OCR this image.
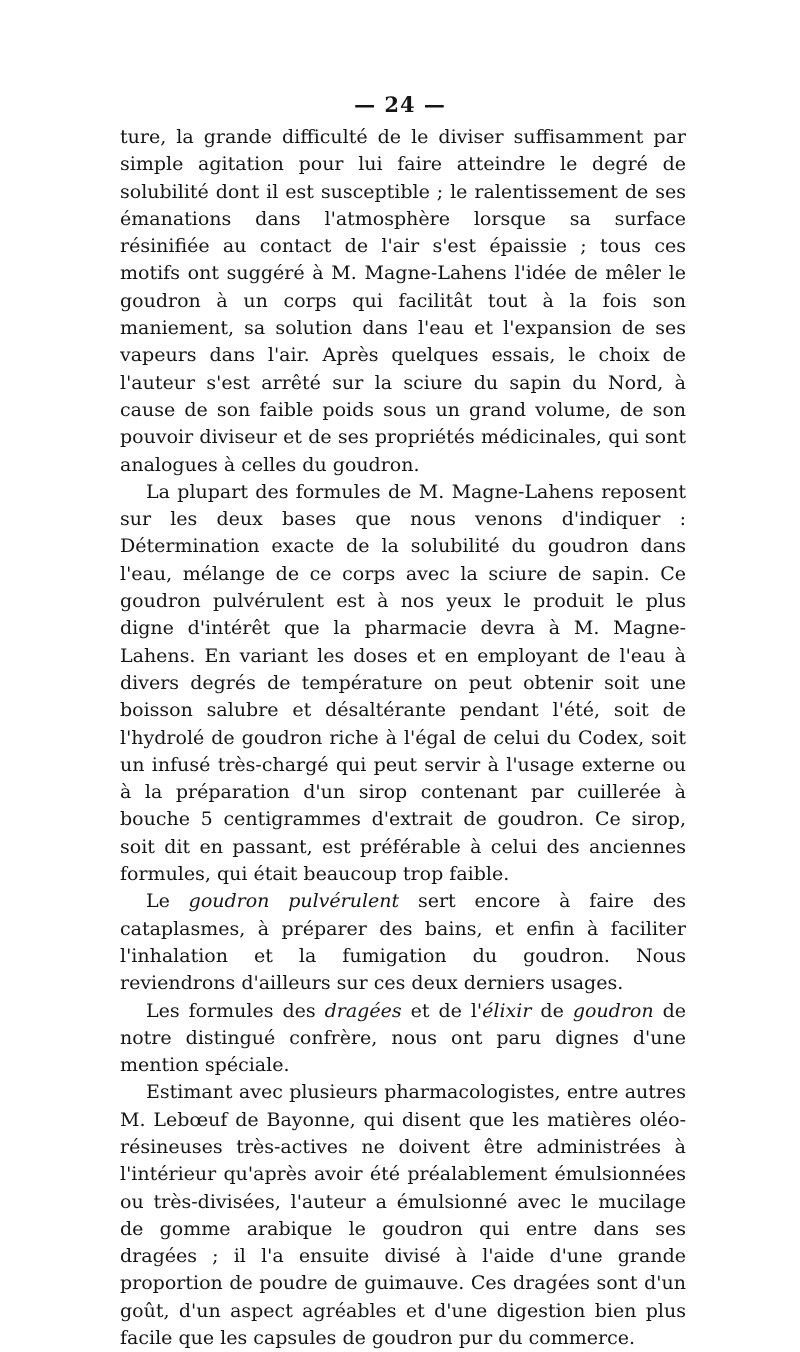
— 24 —

ture, la grande difficulté de le diviser suffisamment par simple agitation pour lui faire atteindre le degré de solubilité dont il est susceptible ; le ralentissement de ses émanations dans l'atmosphère lorsque sa surface résinifiée au contact de l'air s'est épaissie ; tous ces motifs ont suggéré à M. Magne-Lahens l'idée de mêler le goudron à un corps qui facilitât tout à la fois son maniement, sa solution dans l'eau et l'expansion de ses vapeurs dans l'air. Après quelques essais, le choix de l'auteur s'est arrêté sur la sciure du sapin du Nord, à cause de son faible poids sous un grand volume, de son pouvoir diviseur et de ses propriétés médicinales, qui sont analogues à celles du goudron.

La plupart des formules de M. Magne-Lahens reposent sur les deux bases que nous venons d'indiquer : Détermination exacte de la solubilité du goudron dans l'eau, mélange de ce corps avec la sciure de sapin. Ce goudron pulvérulent est à nos yeux le produit le plus digne d'intérêt que la pharmacie devra à M. Magne-Lahens. En variant les doses et en employant de l'eau à divers degrés de température on peut obtenir soit une boisson salubre et désaltérante pendant l'été, soit de l'hydrolé de goudron riche à l'égal de celui du Codex, soit un infusé très-chargé qui peut servir à l'usage externe ou à la préparation d'un sirop contenant par cuillerée à bouche 5 centigrammes d'extrait de goudron. Ce sirop, soit dit en passant, est préférable à celui des anciennes formules, qui était beaucoup trop faible.

Le goudron pulvérulent sert encore à faire des cataplasmes, à préparer des bains, et enfin à faciliter l'inhalation et la fumigation du goudron. Nous reviendrons d'ailleurs sur ces deux derniers usages.

Les formules des dragées et de l'élixir de goudron de notre distingué confrère, nous ont paru dignes d'une mention spéciale.

Estimant avec plusieurs pharmacologistes, entre autres M. Lebœuf de Bayonne, qui disent que les matières oléo-résineuses très-actives ne doivent être administrées à l'intérieur qu'après avoir été préalablement émulsionnées ou très-divisées, l'auteur a émulsionné avec le mucilage de gomme arabique le goudron qui entre dans ses dragées ; il l'a ensuite divisé à l'aide d'une grande proportion de poudre de guimauve. Ces dragées sont d'un goût, d'un aspect agréables et d'une digestion bien plus facile que les capsules de goudron pur du commerce.
